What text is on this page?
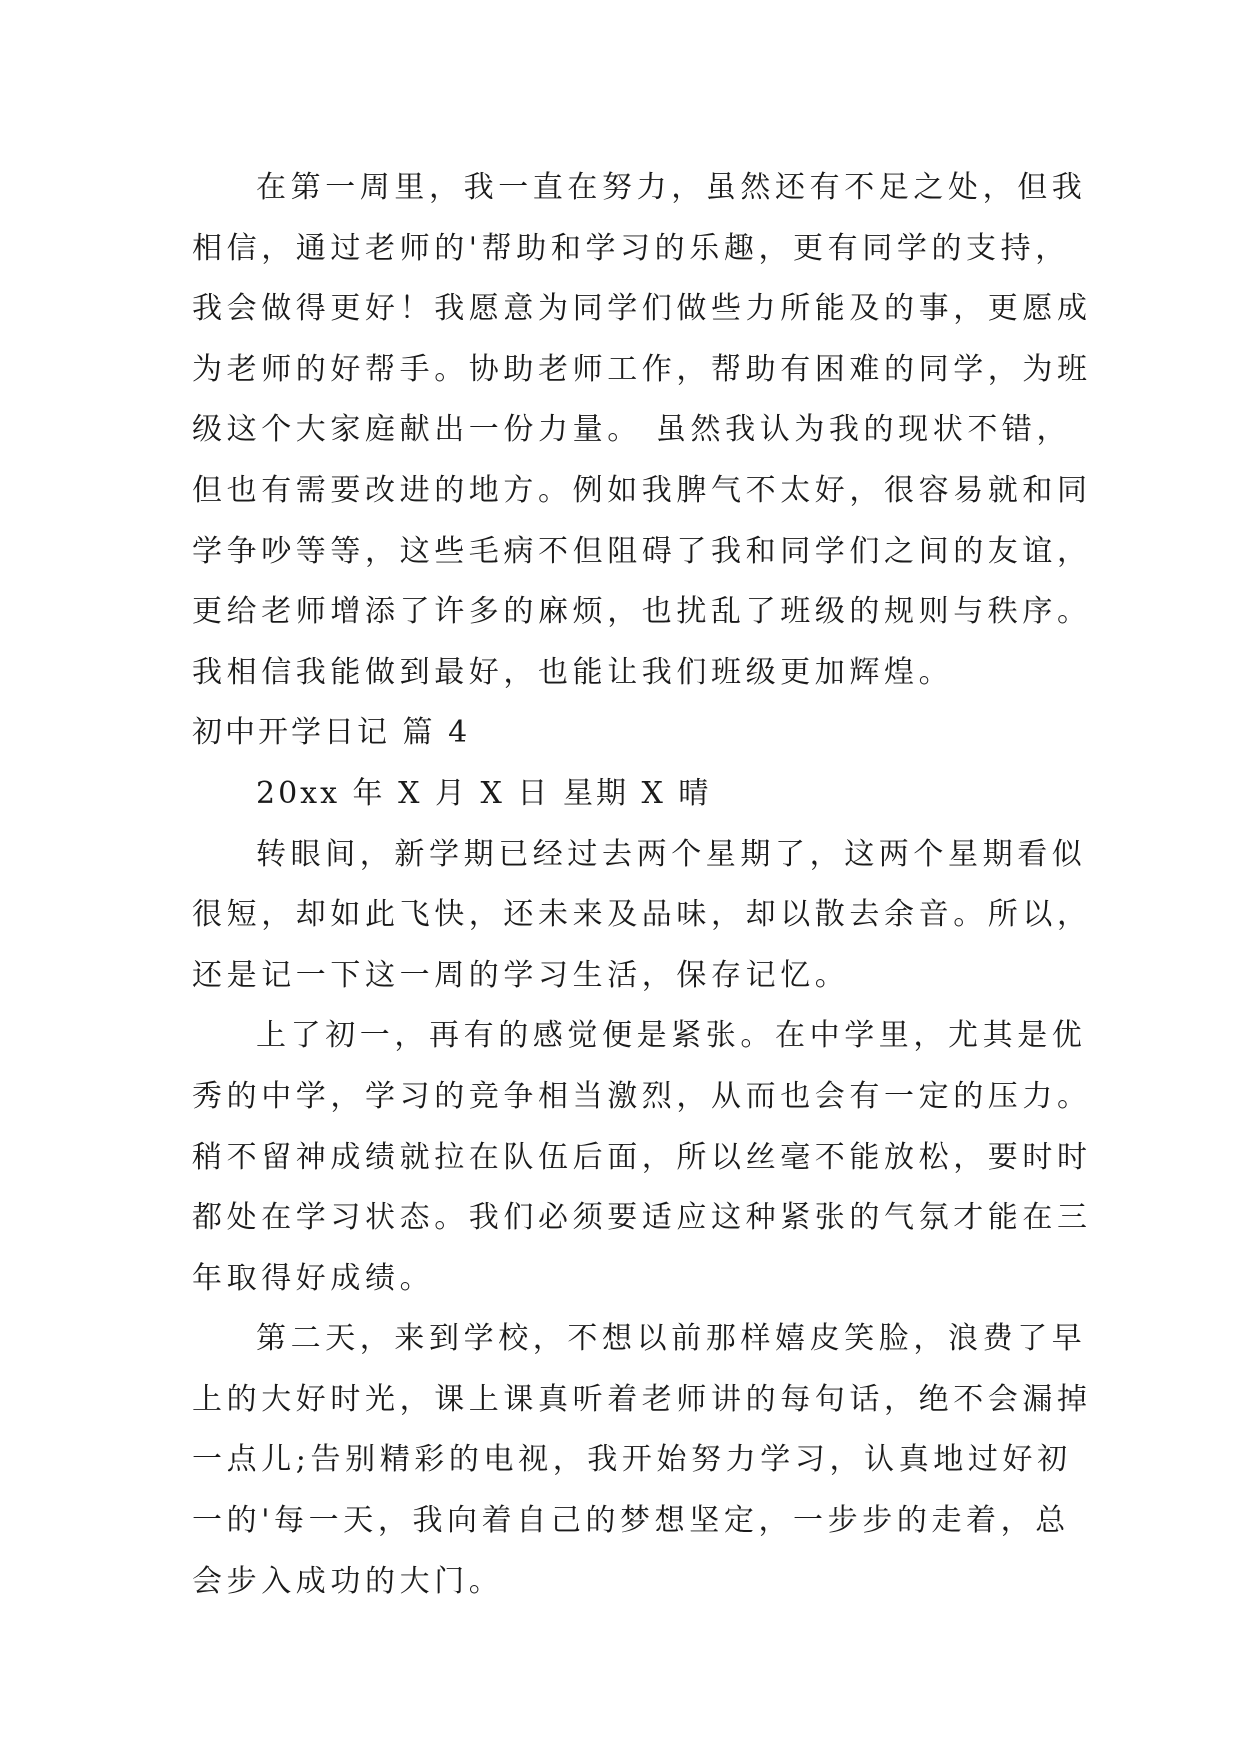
在第一周里，我一直在努力，虽然还有不足之处，但我
相信，通过老师的'帮助和学习的乐趣，更有同学的支持，
我会做得更好！我愿意为同学们做些力所能及的事，更愿成
为老师的好帮手。协助老师工作，帮助有困难的同学，为班
级这个大家庭献出一份力量。 虽然我认为我的现状不错，
但也有需要改进的地方。例如我脾气不太好，很容易就和同
学争吵等等，这些毛病不但阻碍了我和同学们之间的友谊，
更给老师增添了许多的麻烦，也扰乱了班级的规则与秩序。
我相信我能做到最好，也能让我们班级更加辉煌。
初中开学日记 篇 4
20xx 年 X 月 X 日 星期 X 晴
转眼间，新学期已经过去两个星期了，这两个星期看似
很短，却如此飞快，还未来及品味，却以散去余音。所以，
还是记一下这一周的学习生活，保存记忆。
上了初一，再有的感觉便是紧张。在中学里，尤其是优
秀的中学，学习的竞争相当激烈，从而也会有一定的压力。
稍不留神成绩就拉在队伍后面，所以丝毫不能放松，要时时
都处在学习状态。我们必须要适应这种紧张的气氛才能在三
年取得好成绩。
第二天，来到学校，不想以前那样嬉皮笑脸，浪费了早
上的大好时光，课上课真听着老师讲的每句话，绝不会漏掉
一点儿;告别精彩的电视，我开始努力学习，认真地过好初
一的'每一天，我向着自己的梦想坚定，一步步的走着，总
会步入成功的大门。
